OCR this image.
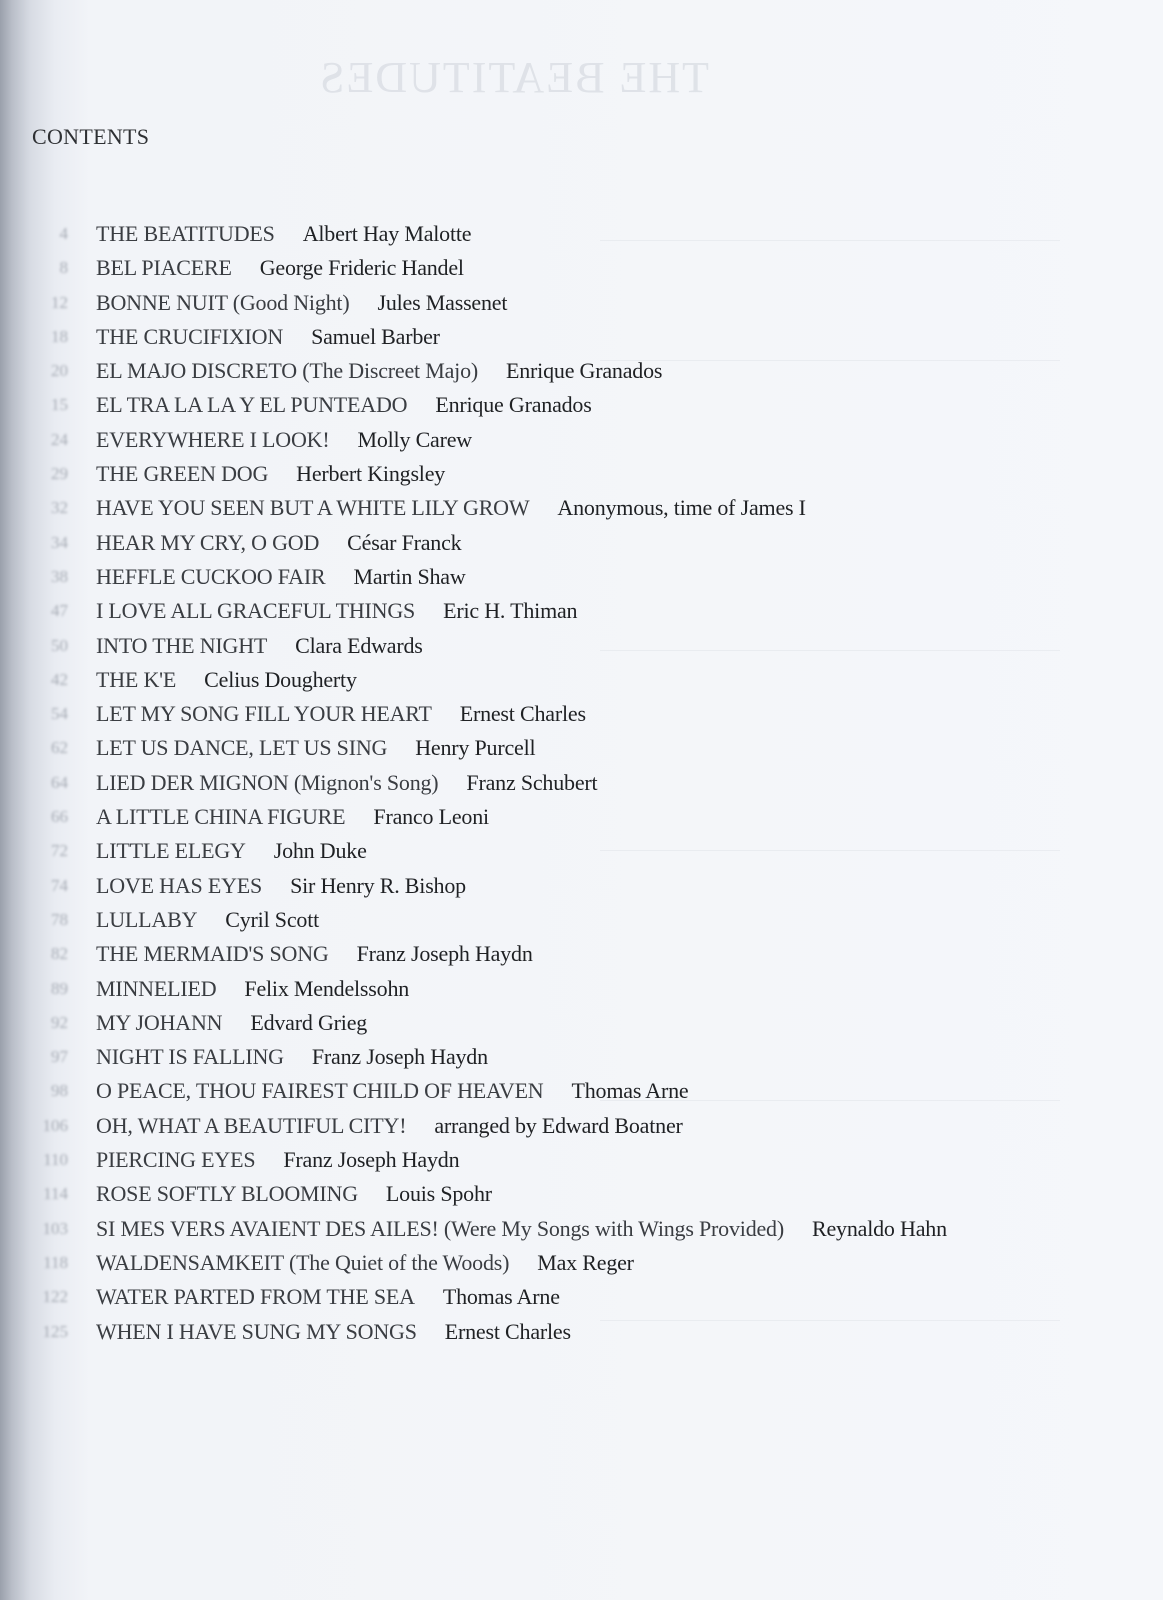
THE BEATITUDES
CONTENTS
4 THE BEATITUDES Albert Hay Malotte
8 BEL PIACERE George Frideric Handel
12 BONNE NUIT (Good Night) Jules Massenet
18 THE CRUCIFIXION Samuel Barber
20 EL MAJO DISCRETO (The Discreet Majo) Enrique Granados
15 EL TRA LA LA Y EL PUNTEADO Enrique Granados
24 EVERYWHERE I LOOK! Molly Carew
29 THE GREEN DOG Herbert Kingsley
32 HAVE YOU SEEN BUT A WHITE LILY GROW Anonymous, time of James I
34 HEAR MY CRY, O GOD César Franck
38 HEFFLE CUCKOO FAIR Martin Shaw
47 I LOVE ALL GRACEFUL THINGS Eric H. Thiman
50 INTO THE NIGHT Clara Edwards
42 THE K'E Celius Dougherty
54 LET MY SONG FILL YOUR HEART Ernest Charles
62 LET US DANCE, LET US SING Henry Purcell
64 LIED DER MIGNON (Mignon's Song) Franz Schubert
66 A LITTLE CHINA FIGURE Franco Leoni
72 LITTLE ELEGY John Duke
74 LOVE HAS EYES Sir Henry R. Bishop
78 LULLABY Cyril Scott
82 THE MERMAID'S SONG Franz Joseph Haydn
89 MINNELIED Felix Mendelssohn
92 MY JOHANN Edvard Grieg
97 NIGHT IS FALLING Franz Joseph Haydn
98 O PEACE, THOU FAIREST CHILD OF HEAVEN Thomas Arne
106 OH, WHAT A BEAUTIFUL CITY! arranged by Edward Boatner
110 PIERCING EYES Franz Joseph Haydn
114 ROSE SOFTLY BLOOMING Louis Spohr
103 SI MES VERS AVAIENT DES AILES! (Were My Songs with Wings Provided) Reynaldo Hahn
118 WALDENSAMKEIT (The Quiet of the Woods) Max Reger
122 WATER PARTED FROM THE SEA Thomas Arne
125 WHEN I HAVE SUNG MY SONGS Ernest Charles
